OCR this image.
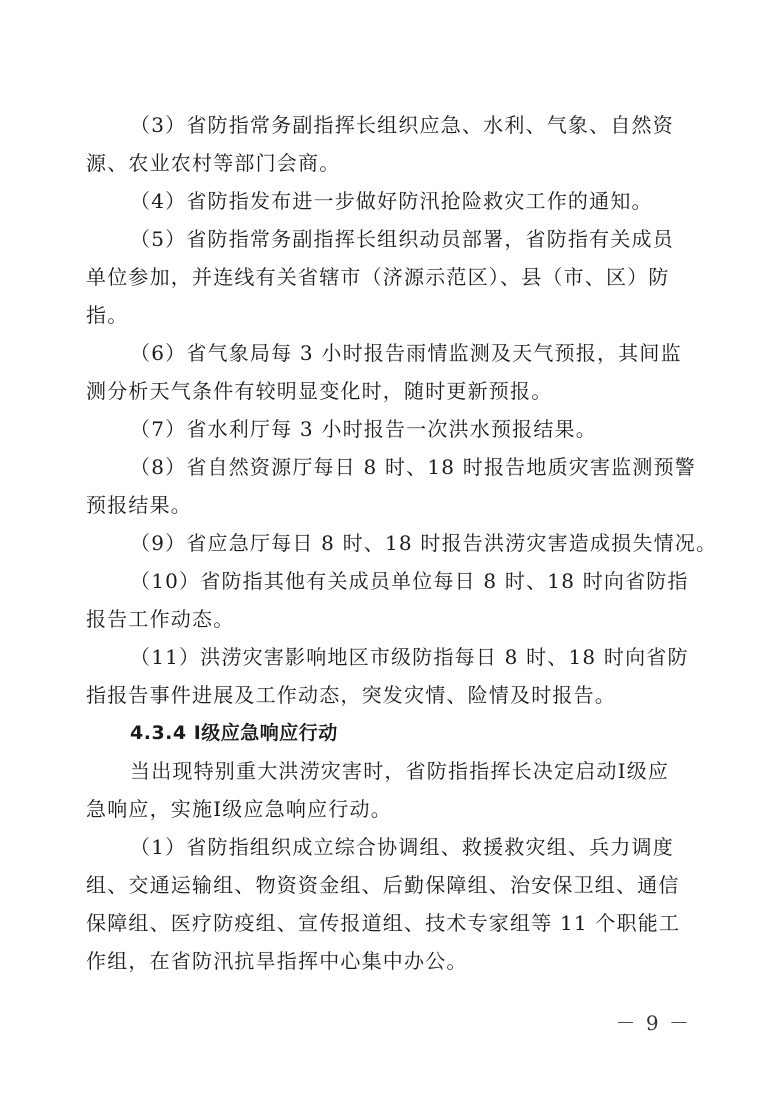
（3）省防指常务副指挥长组织应急、水利、气象、自然资
源、农业农村等部门会商。
（4）省防指发布进一步做好防汛抢险救灾工作的通知。
（5）省防指常务副指挥长组织动员部署，省防指有关成员
单位参加，并连线有关省辖市（济源示范区）、县（市、区）防
指。
（6）省气象局每 3 小时报告雨情监测及天气预报，其间监
测分析天气条件有较明显变化时，随时更新预报。
（7）省水利厅每 3 小时报告一次洪水预报结果。
（8）省自然资源厅每日 8 时、18 时报告地质灾害监测预警
预报结果。
（9）省应急厅每日 8 时、18 时报告洪涝灾害造成损失情况。
（10）省防指其他有关成员单位每日 8 时、18 时向省防指
报告工作动态。
（11）洪涝灾害影响地区市级防指每日 8 时、18 时向省防
指报告事件进展及工作动态，突发灾情、险情及时报告。
4.3.4 Ⅰ级应急响应行动
当出现特别重大洪涝灾害时，省防指指挥长决定启动Ⅰ级应
急响应，实施Ⅰ级应急响应行动。
（1）省防指组织成立综合协调组、救援救灾组、兵力调度
组、交通运输组、物资资金组、后勤保障组、治安保卫组、通信
保障组、医疗防疫组、宣传报道组、技术专家组等 11 个职能工
作组，在省防汛抗旱指挥中心集中办公。
－ 9 －
